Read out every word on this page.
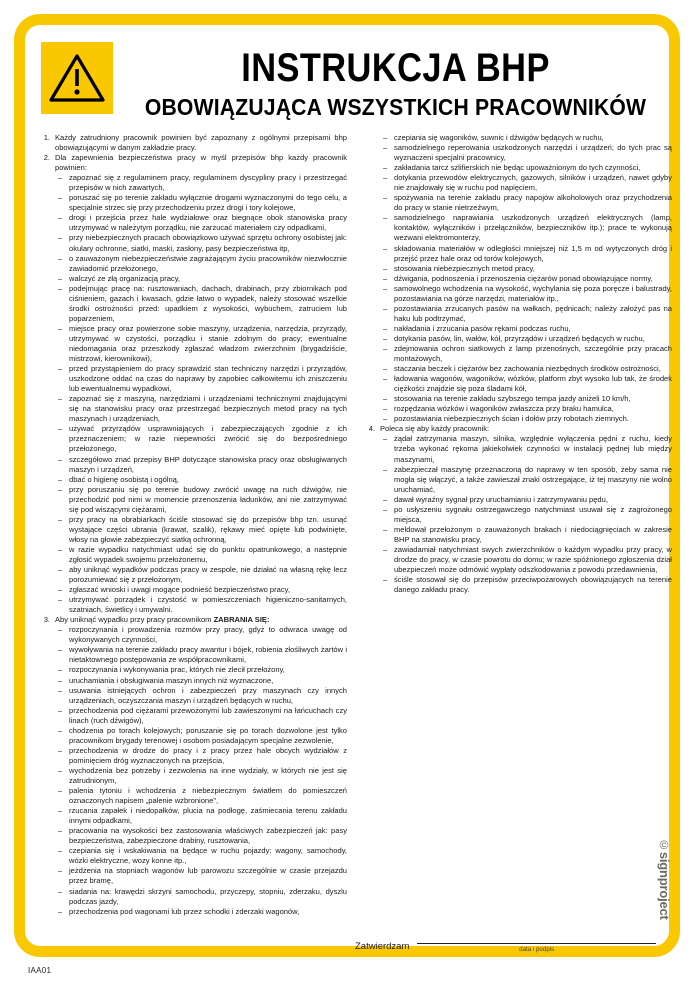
INSTRUKCJA BHP
OBOWIĄZUJĄCA WSZYSTKICH PRACOWNIKÓW
1. Każdy zatrudniony pracownik powinien być zapoznany z ogólnymi przepisami bhp obowiązującymi w danym zakładzie pracy.
2. Dla zapewnienia bezpieczeństwa pracy w myśl przepisów bhp każdy pracownik powinien:
– zapoznać się z regulaminem pracy, regulaminem dyscypliny pracy i przestrzegać przepisów w nich zawartych,
– poruszać się po terenie zakładu wyłącznie drogami wyznaczonymi do tego celu, a specjalnie strzec się przy przechodzeniu przez drogi i tory kolejowe,
– drogi i przejścia przez hale wydziałowe oraz biegnące obok stanowiska pracy utrzymywać w należytym porządku, nie zarzucać materiałem czy odpadkami,
– przy niebezpiecznych pracach obowiązkowo używać sprzętu ochrony osobistej jak: okulary ochronne, siatki, maski, zasłony, pasy bezpieczeństwa itp,
– o zauważonym niebezpieczeństwie zagrażającym życiu pracowników niezwłocznie zawiadomić przełożonego,
– walczyć ze złą organizacją pracy,
– podejmując pracę na: rusztowaniach, dachach, drabinach, przy zbiornikach pod ciśnieniem, gazach i kwasach, gdzie łatwo o wypadek, należy stosować wszelkie środki ostrożności przed: upadkiem z wysokości, wybuchem, zatruciem lub poparzeniem,
– miejsce pracy oraz powierzone sobie maszyny, urządzenia, narzędzia, przyrządy, utrzymywać w czystości, porządku i stanie zdolnym do pracy; ewentualne niedomagania oraz przeszkody zgłaszać władzom zwierzchnim (brygadziście, mistrzowi, kierownikowi),
– przed przystąpieniem do pracy sprawdzić stan techniczny narzędzi i przyrządów, uszkodzone oddać na czas do naprawy by zapobiec całkowitemu ich zniszczeniu lub ewentualnemu wypadkowi,
– zapoznać się z maszyną, narzędziami i urządzeniami technicznymi znajdującymi się na stanowisku pracy oraz przestrzegać bezpiecznych metod pracy na tych maszynach i urządzeniach,
– używać przyrządów usprawniających i zabezpieczających zgodnie z ich przeznaczeniem; w razie niepewności zwrócić się do bezpośredniego przełożonego,
– szczegółowo znać przepisy BHP dotyczące stanowiska pracy oraz obsługiwanych maszyn i urządzeń,
– dbać o higienę osobistą i ogólną,
– przy poruszaniu się po terenie budowy zwrócić uwagę na ruch dźwigów, nie przechodzić pod nimi w momencie przenoszenia ładunków, ani nie zatrzymywać się pod wiszącymi ciężarami,
– przy pracy na obrabiarkach ściśle stosować się do przepisów bhp tzn. usunąć wystające części ubrania (krawat, szalik), rękawy mieć opięte lub podwinięte, włosy na głowie zabezpieczyć siatką ochronną,
– w razie wypadku natychmiast udać się do punktu opatrunkowego, a następnie zgłosić wypadek swojemu przełożonemu,
– aby uniknąć wypadków podczas pracy w zespole, nie działać na własną rękę lecz porozumiewać się z przełożonym,
– zgłaszać wnioski i uwagi mogące podnieść bezpieczeństwo pracy,
– utrzymywać porządek i czystość w pomieszczeniach higieniczno-sanitarnych, szatniach, świetlicy i umywalni.
3. Aby uniknąć wypadku przy pracy pracownikom ZABRANIA SIĘ:
– rozpoczynania i prowadzenia rozmów przy pracy, gdyż to odwraca uwagę od wykonywanych czynności,
– wywoływania na terenie zakładu pracy awantur i bójek, robienia złośliwych żartów i nietaktownego postępowania ze współpracownikami,
– rozpoczynania i wykonywania prac, których nie zlecił przełożony,
– uruchamiania i obsługiwania maszyn innych niż wyznaczone,
– usuwania istniejących ochron i zabezpieczeń przy maszynach czy innych urządzeniach, oczyszczania maszyn i urządzeń będących w ruchu,
– przechodzenia pod ciężarami przewożonymi lub zawieszonymi na łańcuchach czy linach (ruch dźwigów),
– chodzenia po torach kolejowych; poruszanie się po torach dozwolone jest tylko pracownikom brygady terenowej i osobom posiadającym specjalne zezwolenie,
– przechodzenia w drodze do pracy i z pracy przez hale obcych wydziałów z pominięciem dróg wyznaczonych na przejścia,
– wychodzenia bez potrzeby i zezwolenia na inne wydziały, w których nie jest się zatrudnionym,
– palenia tytoniu i wchodzenia z niebezpiecznym światłem do pomieszczeń oznaczonych napisem „palenie wzbronione",
– rzucania zapałek i niedopałków, plucia na podłogę, zaśmiecania terenu zakładu innymi odpadkami,
– pracowania na wysokości bez zastosowania właściwych zabezpieczeń jak: pasy bezpieczeństwa, zabezpieczone drabiny, rusztowania,
– czepiania się i wskakiwania na będące w ruchu pojazdy: wagony, samochody, wózki elektryczne, wozy konne itp.,
– jeżdżenia na stopniach wagonów lub parowozu szczególnie w czasie przejazdu przez bramę,
– siadania na: krawędzi skrzyni samochodu, przyczepy, stopniu, zderzaku, dyszlu podczas jazdy,
– przechodzenia pod wagonami lub przez schodki i zderzaki wagonów,
– czepiania się wagoników, suwnic i dźwigów będących w ruchu,
– samodzielnego reperowania uszkodzonych narzędzi i urządzeń; do tych prac są wyznaczeni specjalni pracownicy,
– zakładania tarcz szlifierskich nie będąc upoważnionym do tych czynności,
– dotykania przewodów elektrycznych, gazowych, silników i urządzeń, nawet gdyby nie znajdowały się w ruchu pod napięciem,
– spożywania na terenie zakładu pracy napojów alkoholowych oraz przychodzenia do pracy w stanie nietrzeźwym,
– samodzielnego naprawiania uszkodzonych urządzeń elektrycznych (lamp, kontaktów, wyłączników i przełączników, bezpieczników itp.); prace te wykonują wezwani elektromonterzy,
– składowania materiałów w odległości mniejszej niż 1,5 m od wytyczonych dróg i przejść przez hale oraz od torów kolejowych,
– stosowania niebezpiecznych metod pracy,
– dźwigania, podnoszenia i przenoszenia ciężarów ponad obowiązujące normy,
– samowolnego wchodzenia na wysokość, wychylania się poza poręcze i balustrady, pozostawiania na górze narzędzi, materiałów itp.,
– pozostawiania zrzucanych pasów na wałkach, pędnicach; należy założyć pas na haku lub podtrzymać,
– nakładania i zrzucania pasów rękami podczas ruchu,
– dotykania pasów, lin, wałów, kół, przyrządów i urządzeń będących w ruchu,
– zdejmowania ochron siatkowych z lamp przenośnych, szczególnie przy pracach montażowych,
– staczania beczek i ciężarów bez zachowania niezbędnych środków ostrożności,
– ładowania wagonów, wagoników, wózków, platform zbyt wysoko lub tak, że środek ciężkości znajdzie się poza śladami kół,
– stosowania na terenie zakładu szybszego tempa jazdy aniżeli 10 km/h,
– rozpędzania wózków i wagoników zwłaszcza przy braku hamulca,
– pozostawiania niebezpiecznych ścian i dołów przy robotach ziemnych.
4. Poleca się aby każdy pracownik:
– żądał zatrzymania maszyn, silnika, względnie wyłączenia pędni z ruchu, kiedy trzeba wykonać rękoma jakiekolwiek czynności w instalacji pędnej lub między maszynami,
– zabezpieczał maszynę przeznaczoną do naprawy w ten sposób, żeby sama nie mogła się włączyć, a także zawieszał znaki ostrzegające, iż tej maszyny nie wolno uruchamiać,
– dawał wyraźny sygnał przy uruchamianiu i zatrzymywaniu pędu,
– po usłyszeniu sygnału ostrzegawczego natychmiast usuwał się z zagrożonego miejsca,
– meldował przełożonym o zauważonych brakach i niedociągnięciach w zakresie BHP na stanowisku pracy,
– zawiadamiał natychmiast swych zwierzchników o każdym wypadku przy pracy, w drodze do pracy, w czasie powrotu do domu; w razie spóźnionego zgłoszenia dział ubezpieczeń może odmówić wypłaty odszkodowania z powodu przedawnienia,
– ściśle stosował się do przepisów przeciwpożarowych obowiązujących na terenie danego zakładu pracy.
Zatwierdzam	data i podpis
©signproject
IAA01
